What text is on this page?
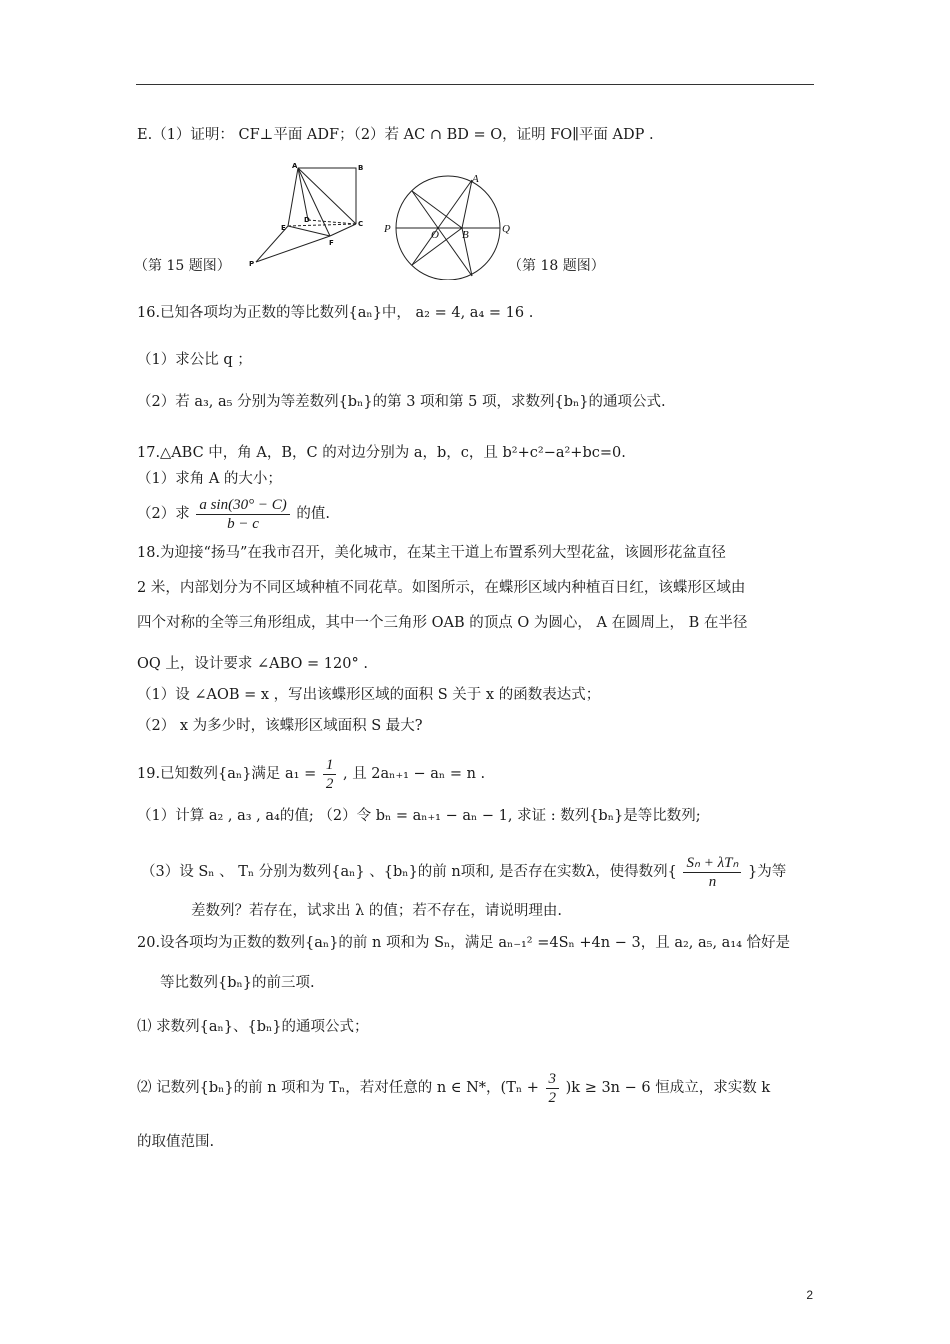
E.（1）证明： CF⊥平面 ADF；（2）若 AC ∩ BD = O，证明 FO∥平面 ADP .
A	B
C
D
E
F
P
（第 15 题图）
A
P	O B	Q
（第 18 题图）
16.已知各项均为正数的等比数列{aₙ}中， a₂ = 4, a₄ = 16 .
（1）求公比 q ；
（2）若 a₃, a₅ 分别为等差数列{bₙ}的第 3 项和第 5 项，求数列{bₙ}的通项公式.
17.△ABC 中，角 A，B，C 的对边分别为 a，b，c，且 b²+c²−a²+bc=0.
（1）求角 A 的大小；
（2）求 $\frac{\text{a sin(30° − C)}}{b - c}$ 的值.
18.为迎接“扬马”在我市召开，美化城市，在某主干道上布置系列大型花盆，该圆形花盆直径
2 米，内部划分为不同区域种植不同花草。如图所示，在蝶形区域内种植百日红，该蝶形区域由
四个对称的全等三角形组成，其中一个三角形 OAB 的顶点 O 为圆心， A 在圆周上， B 在半径
OQ 上，设计要求 ∠ABO = 120° .
（1）设 ∠AOB = x ，写出该蝶形区域的面积 S 关于 x 的函数表达式；
（2） x 为多少时，该蝶形区域面积 S 最大?
19.已知数列{aₙ}满足 $a_1 = \frac{1}{2}$ , 且 2aₙ₊₁ − aₙ = n .
（1）计算 a₂ , a₃ , a₄的值; （2）令 bₙ = aₙ₊₁ − aₙ − 1, 求证 : 数列{bₙ}是等比数列;
（3）设 Sₙ 、 Tₙ 分别为数列{aₙ} 、{bₙ}的前 n项和, 是否存在实数λ，使得数列{ $\frac{\text{Sₙ + λTₙ}}{n}$ }为等
差数列？若存在，试求出 λ 的值；若不存在，请说明理由.
20.设各项均为正数的数列{aₙ}的前 n 项和为 Sₙ，满足 aₙ₋₁² =4Sₙ +4n − 3，且 a₂, a₅, a₁₄ 恰好是
等比数列{bₙ}的前三项.
⑴ 求数列{aₙ}、{bₙ}的通项公式；
⑵ 记数列{bₙ}的前 n 项和为 Tₙ，若对任意的 n ∈ N*，$(T_n + \frac{3}{2} )k \ge 3n - 6$ 恒成立，求实数 k
的取值范围.
2
